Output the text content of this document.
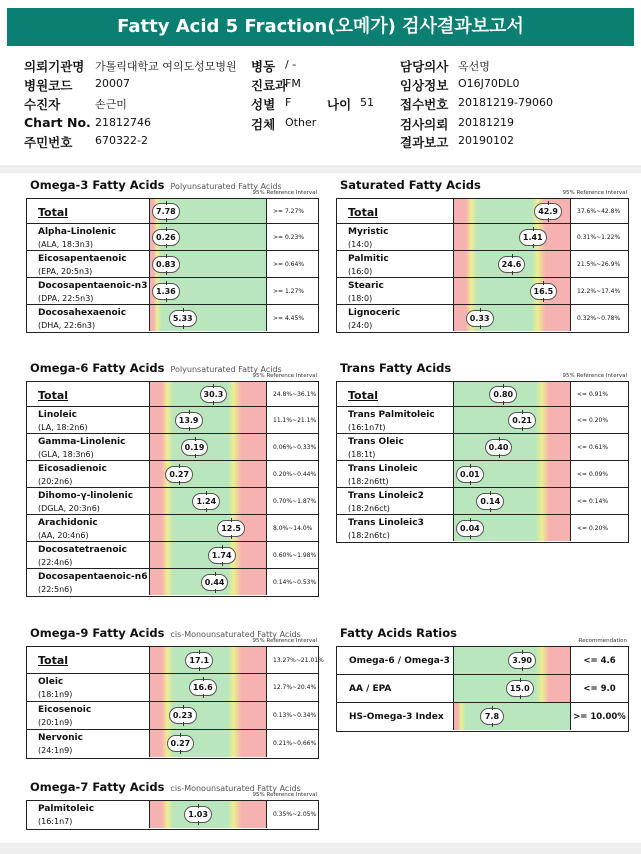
Fatty Acid 5 Fraction(오메가) 검사결과보고서
의뢰기관명 가톨릭대학교 여의도성모병원
병원코드 20007
수진자	손근미
Chart No. 21812746
주민번호 670322-2
병동 / -
진료과
FM
성별 F
검체 Other
나이 51
담당의사 옥선명
임상정보 O16J70DL0
접수번호 20181219-79060
검사의뢰 20181219
결과보고 20190102
Omega-3 Fatty Acids Polyunsaturated Fatty Acids
95% Reference Interval
Total	7.78	>= 7.27%
Alpha-Linolenic
(ALA, 18:3n3)
0.26	>= 0.23%
Eicosapentaenoic
(EPA, 20:5n3)
0.83	>= 0.64%
Docosapentaenoic-n3
(DPA, 22:5n3)
1.36	>= 1.27%
Docosahexaenoic
(DHA, 22:6n3)
5.33	>= 4.45%
Saturated Fatty Acids
95% Reference Interval
Total	42.9	37.6%~42.8%
Myristic
(14:0)
1.41	0.31%~1.22%
Palmitic
(16:0)
24.6	21.5%~26.9%
Stearic
(18:0)
16.5	12.2%~17.4%
Lignoceric
(24:0)
0.33	0.32%~0.78%
Omega-6 Fatty Acids Polyunsaturated Fatty Acids
95% Reference Interval
Total	30.3	24.8%~36.1%
Linoleic
(LA, 18:2n6)
13.9	11.1%~21.1%
Gamma-Linolenic
(GLA, 18:3n6)
0.19	0.06%~0.33%
Eicosadienoic
(20:2n6)
0.27	0.20%~0.44%
Dihomo-γ-linolenic
(DGLA, 20:3n6)
1.24	0.70%~1.87%
Arachidonic
(AA, 20:4n6)
12.5	8.0%~14.0%
Docosatetraenoic
(22:4n6)
1.74	0.60%~1.98%
Docosapentaenoic-n6
(22:5n6)
0.44	0.14%~0.53%
Trans Fatty Acids
95% Reference Interval
Total	0.80	<= 0.91%
Trans Palmitoleic
(16:1n7t)
0.21	<= 0.20%
Trans Oleic
(18:1t)
0.40	<= 0.61%
Trans Linoleic
(18:2n6tt)
0.01	<= 0.09%
Trans Linoleic2
(18:2n6ct)
0.14	<= 0.14%
Trans Linoleic3
(18:2n6tc)
0.04	<= 0.20%
Omega-9 Fatty Acids cis-Monounsaturated Fatty Acids
95% Reference Interval
Total	17.1	13.27%~21.01%
Oleic
(18:1n9)
16.6	12.7%~20.4%
Eicosenoic
(20:1n9)
0.23	0.13%~0.34%
Nervonic
(24:1n9)
0.27	0.21%~0.66%
Omega-7 Fatty Acids cis-Monounsaturated Fatty Acids
95% Reference Interval
Palmitoleic
(16:1n7)
1.03	0.35%~2.05%
Fatty Acids Ratios
Recommendation
Omega-6 / Omega-3	3.90	<= 4.6
AA / EPA	15.0	<= 9.0
HS-Omega-3 Index	7.8	>= 10.00%
